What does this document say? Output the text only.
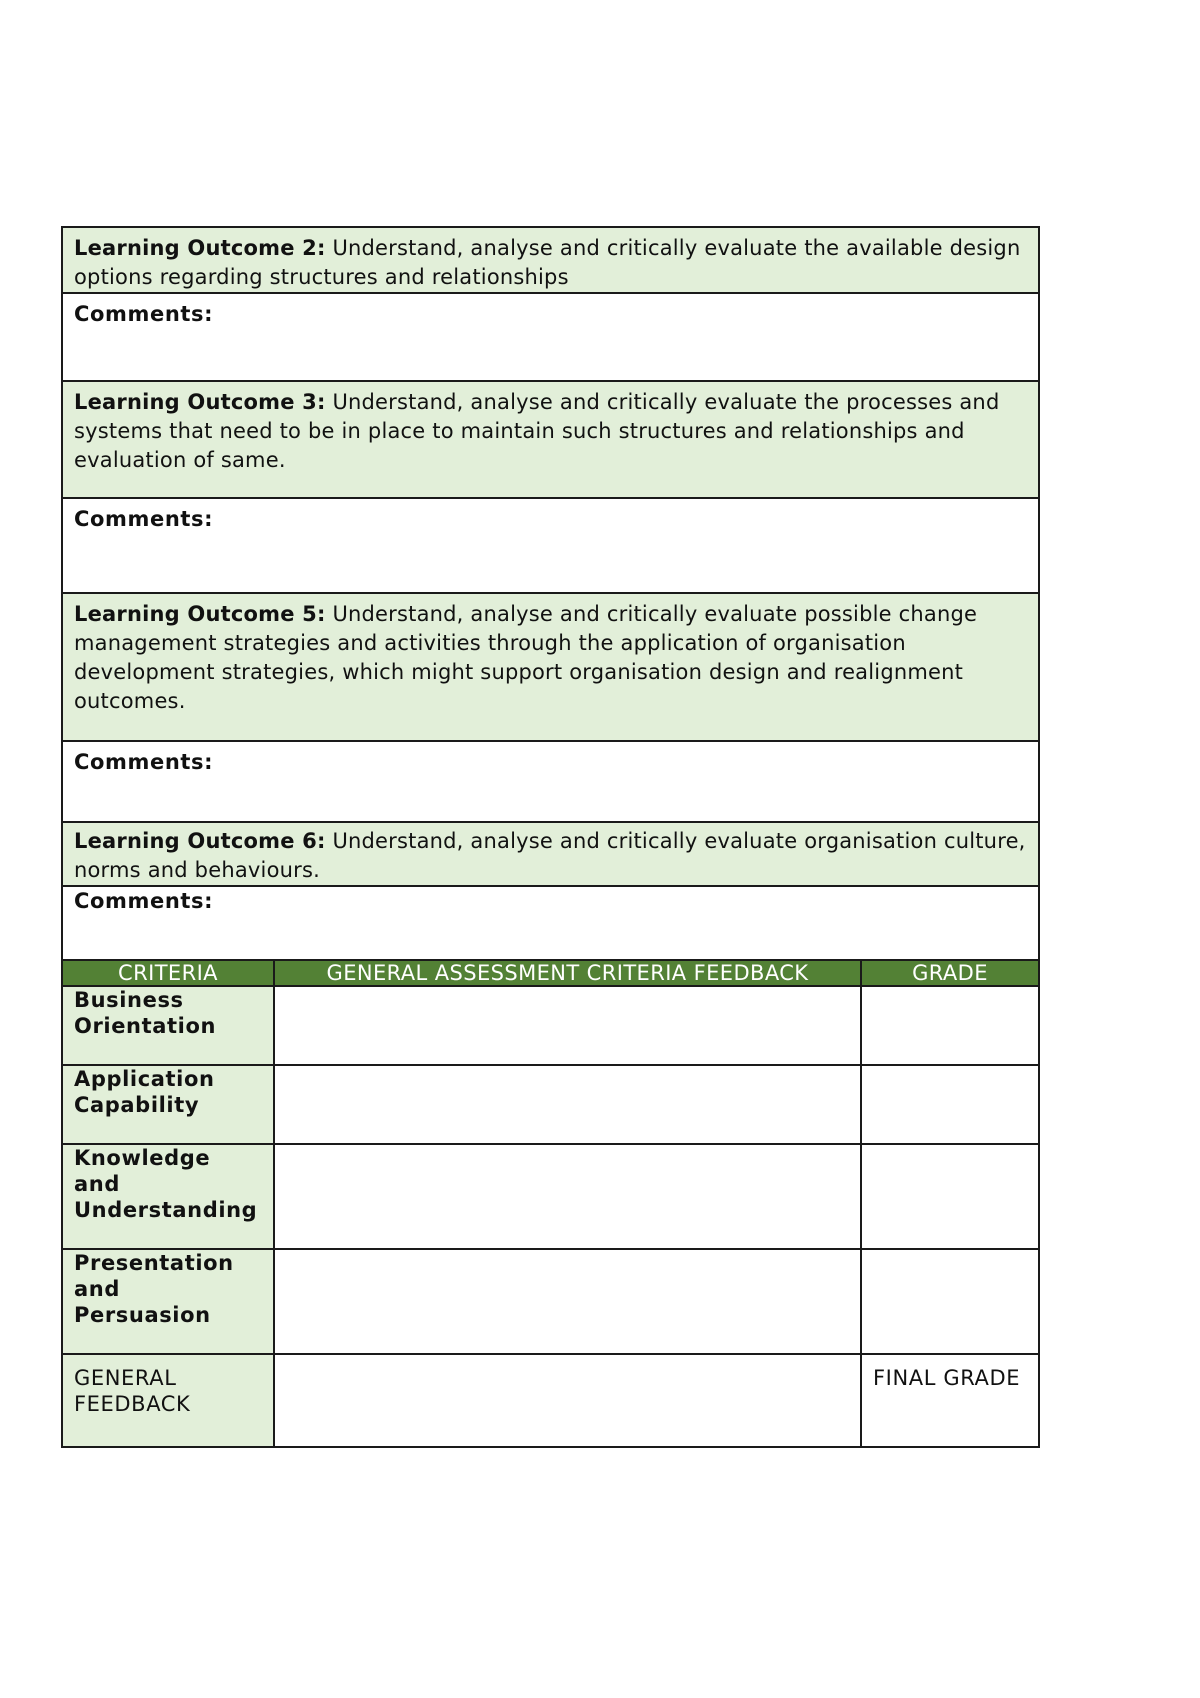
Learning Outcome 2: Understand, analyse and critically evaluate the available design options regarding structures and relationships
Comments:
Learning Outcome 3: Understand, analyse and critically evaluate the processes and systems that need to be in place to maintain such structures and relationships and evaluation of same.
Comments:
Learning Outcome 5: Understand, analyse and critically evaluate possible change management strategies and activities through the application of organisation development strategies, which might support organisation design and realignment outcomes.
Comments:
Learning Outcome 6: Understand, analyse and critically evaluate organisation culture, norms and behaviours.
Comments:
CRITERIA	GENERAL ASSESSMENT CRITERIA FEEDBACK	GRADE
Business Orientation		
Application Capability		
Knowledge and Understanding		
Presentation and Persuasion		
GENERAL FEEDBACK		FINAL GRADE
